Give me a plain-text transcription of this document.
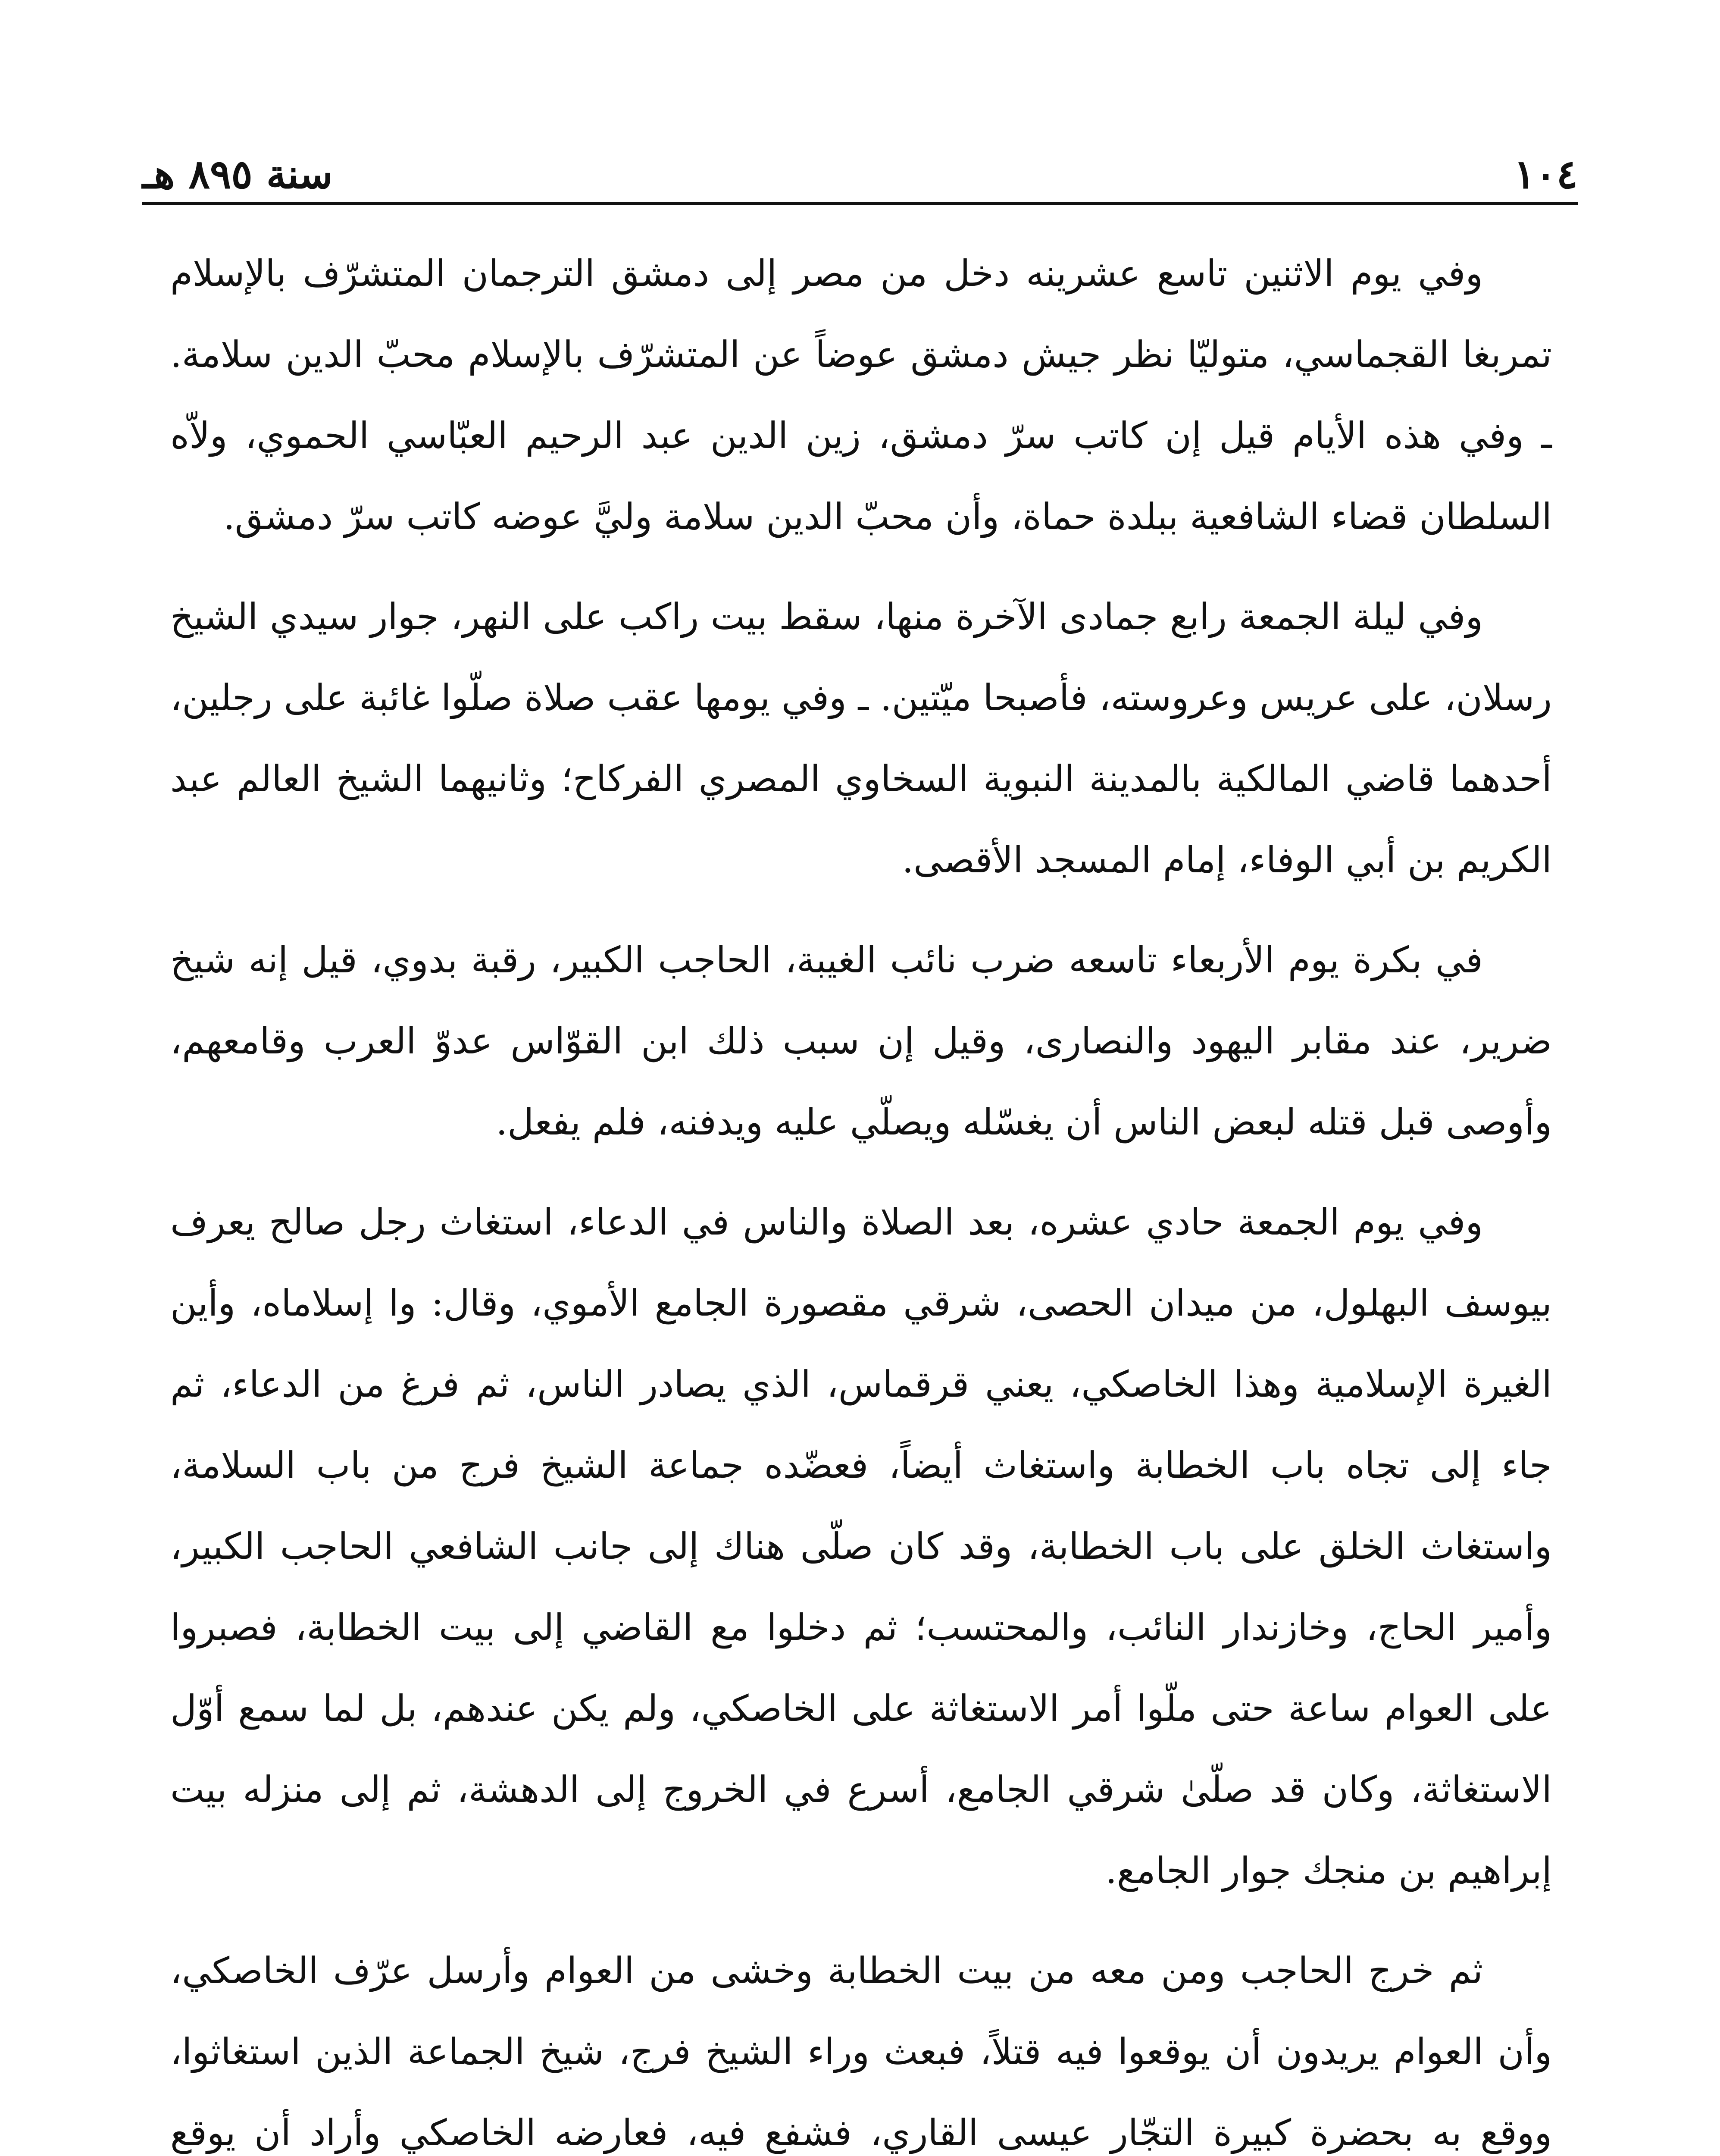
١٠٤
سنة ٨٩٥ هـ

وفي يوم الاثنين تاسع عشرينه دخل من مصر إلى دمشق الترجمان المتشرّف بالإسلام تمربغا القجماسي، متوليّا نظر جيش دمشق عوضاً عن المتشرّف بالإسلام محبّ الدين سلامة. ـ وفي هذه الأيام قيل إن كاتب سرّ دمشق، زين الدين عبد الرحيم العبّاسي الحموي، ولاّه السلطان قضاء الشافعية ببلدة حماة، وأن محبّ الدين سلامة وليَّ عوضه كاتب سرّ دمشق.

وفي ليلة الجمعة رابع جمادى الآخرة منها، سقط بيت راكب على النهر، جوار سيدي الشيخ رسلان، على عريس وعروسته، فأصبحا ميّتين. ـ وفي يومها عقب صلاة صلّوا غائبة على رجلين، أحدهما قاضي المالكية بالمدينة النبوية السخاوي المصري الفركاح؛ وثانيهما الشيخ العالم عبد الكريم بن أبي الوفاء، إمام المسجد الأقصى.

في بكرة يوم الأربعاء تاسعه ضرب نائب الغيبة، الحاجب الكبير، رقبة بدوي، قيل إنه شيخ ضرير، عند مقابر اليهود والنصارى، وقيل إن سبب ذلك ابن القوّاس عدوّ العرب وقامعهم، وأوصى قبل قتله لبعض الناس أن يغسّله ويصلّي عليه ويدفنه، فلم يفعل.

وفي يوم الجمعة حادي عشره، بعد الصلاة والناس في الدعاء، استغاث رجل صالح يعرف بيوسف البهلول، من ميدان الحصى، شرقي مقصورة الجامع الأموي، وقال: وا إسلاماه، وأين الغيرة الإسلامية وهذا الخاصكي، يعني قرقماس، الذي يصادر الناس، ثم فرغ من الدعاء، ثم جاء إلى تجاه باب الخطابة واستغاث أيضاً، فعضّده جماعة الشيخ فرج من باب السلامة، واستغاث الخلق على باب الخطابة، وقد كان صلّى هناك إلى جانب الشافعي الحاجب الكبير، وأمير الحاج، وخازندار النائب، والمحتسب؛ ثم دخلوا مع القاضي إلى بيت الخطابة، فصبروا على العوام ساعة حتى ملّوا أمر الاستغاثة على الخاصكي، ولم يكن عندهم، بل لما سمع أوّل الاستغاثة، وكان قد صلّىٰ شرقي الجامع، أسرع في الخروج إلى الدهشة، ثم إلى منزله بيت إبراهيم بن منجك جوار الجامع.

ثم خرج الحاجب ومن معه من بيت الخطابة وخشى من العوام وأرسل عرّف الخاصكي، وأن العوام يريدون أن يوقعوا فيه قتلاً، فبعث وراء الشيخ فرج، شيخ الجماعة الذين استغاثوا، ووقع به بحضرة كبيرة التجّار عيسى القاري، فشفع فيه، فعارضه الخاصكي وأراد أن يوقع
